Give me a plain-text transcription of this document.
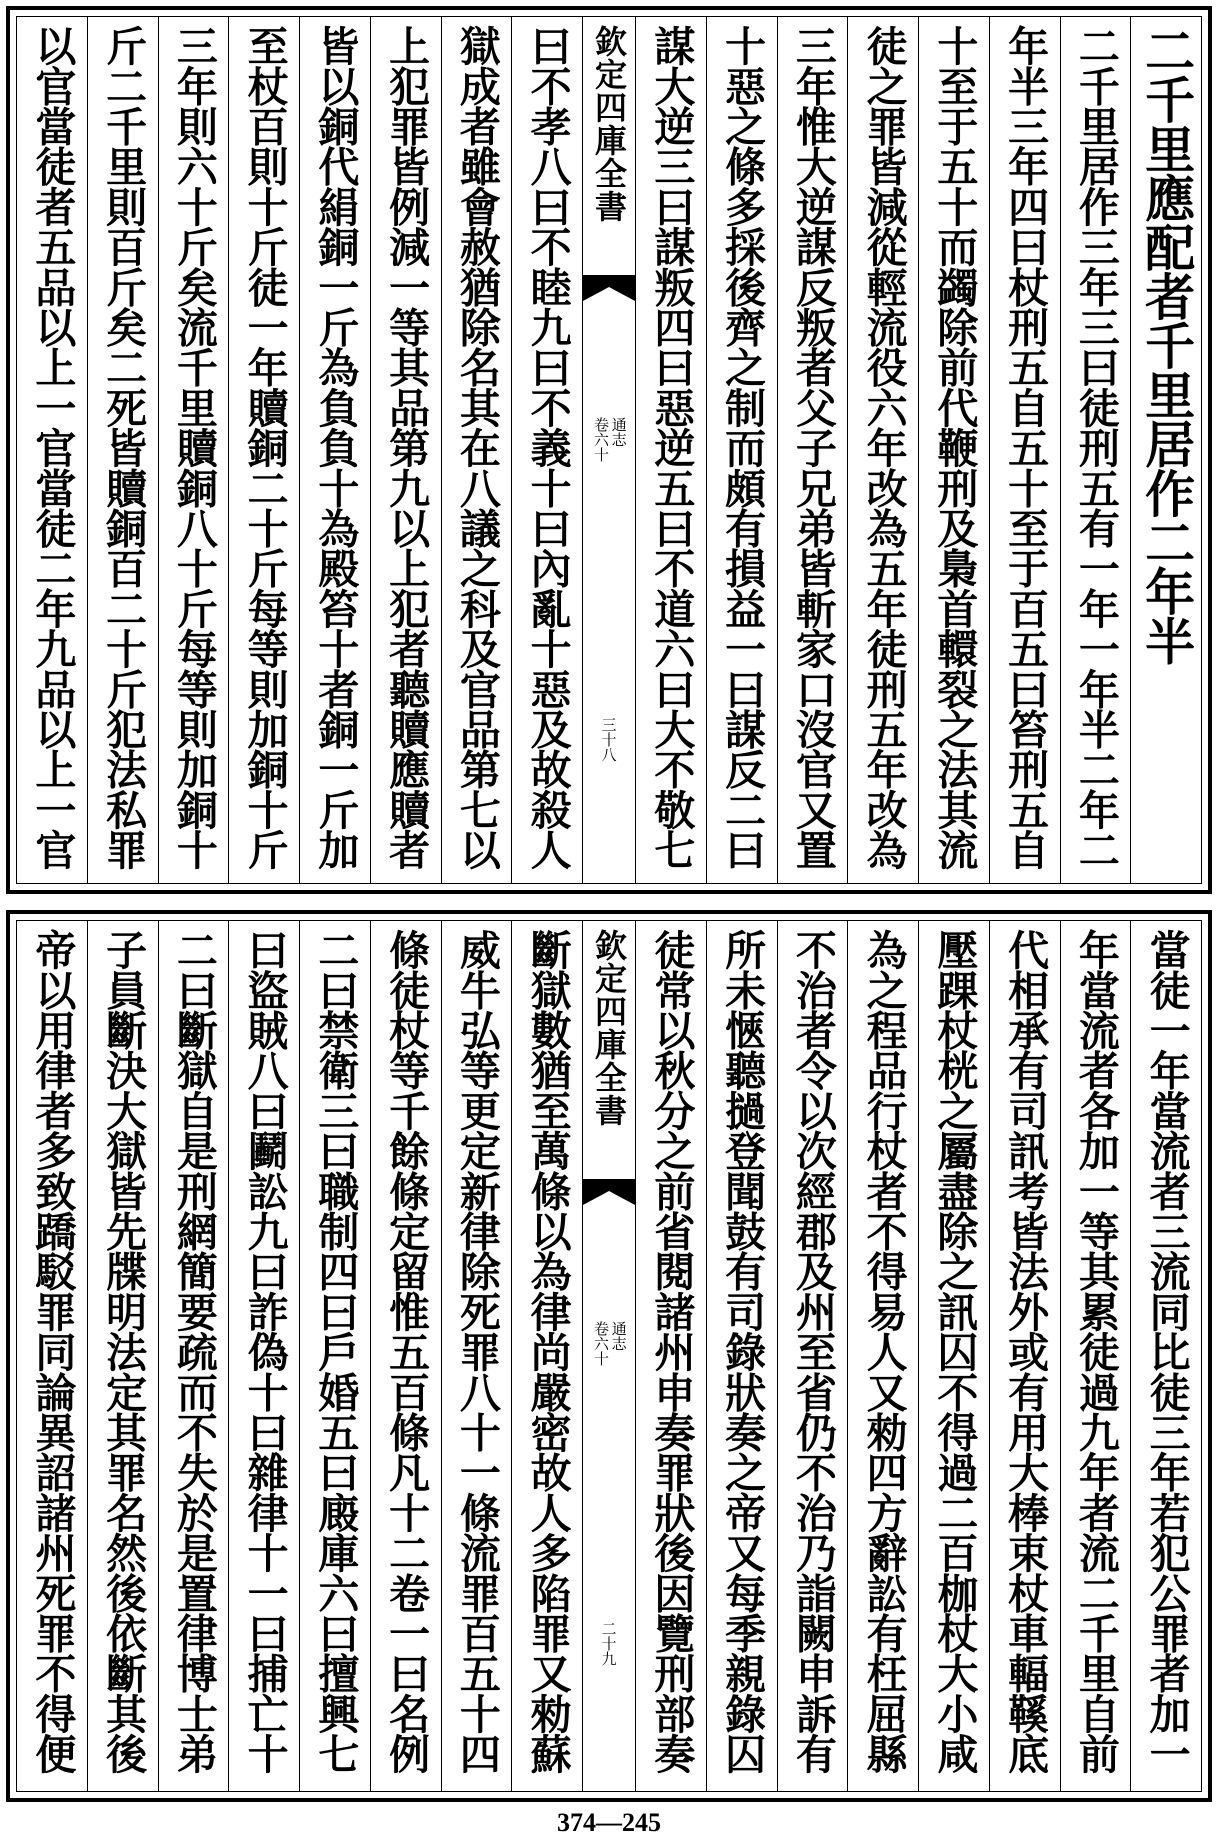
二千里應配者千里居作二年半
二千里居作三年三曰徒刑五有一年一年半二年二
年半三年四曰杖刑五自五十至于百五曰笞刑五自
十至于五十而蠲除前代鞭刑及梟首轘裂之法其流
徒之罪皆減從輕流役六年改為五年徒刑五年改為
三年惟大逆謀反叛者父子兄弟皆斬家口沒官又置
十惡之條多採後齊之制而頗有損益一曰謀反二曰
謀大逆三曰謀叛四曰惡逆五曰不道六曰大不敬七
欽定四庫全書
通志
卷六十
三十八
曰不孝八曰不睦九曰不義十曰內亂十惡及故殺人
獄成者雖會赦猶除名其在八議之科及官品第七以
上犯罪皆例減一等其品第九以上犯者聽贖應贖者
皆以銅代絹銅一斤為負負十為殿笞十者銅一斤加
至杖百則十斤徒一年贖銅二十斤每等則加銅十斤
三年則六十斤矣流千里贖銅八十斤每等則加銅十
斤二千里則百斤矣二死皆贖銅百二十斤犯法私罪
以官當徒者五品以上一官當徒二年九品以上一官
當徒一年當流者三流同比徒三年若犯公罪者加一
年當流者各加一等其累徒過九年者流二千里自前
代相承有司訊考皆法外或有用大棒束杖車輻鞵底
壓踝杖桄之屬盡除之訊囚不得過二百枷杖大小咸
為之程品行杖者不得易人又勑四方辭訟有枉屈縣
不治者令以次經郡及州至省仍不治乃詣闕申訴有
所未愜聽撾登聞鼓有司錄狀奏之帝又每季親錄囚
徒常以秋分之前省閱諸州申奏罪狀後因覽刑部奏
欽定四庫全書
通志
卷六十
二十九
斷獄數猶至萬條以為律尚嚴密故人多陷罪又勑蘇
威牛弘等更定新律除死罪八十一條流罪百五十四
條徒杖等千餘條定留惟五百條凡十二卷一曰名例
二曰禁衛三曰職制四曰戶婚五曰廄庫六曰擅興七
曰盜賊八曰鬬訟九曰詐偽十曰雜律十一曰捕亡十
二曰斷獄自是刑網簡要疏而不失於是置律博士弟
子員斷決大獄皆先牒明法定其罪名然後依斷其後
帝以用律者多致蹻駁罪同論異詔諸州死罪不得便
374—245
